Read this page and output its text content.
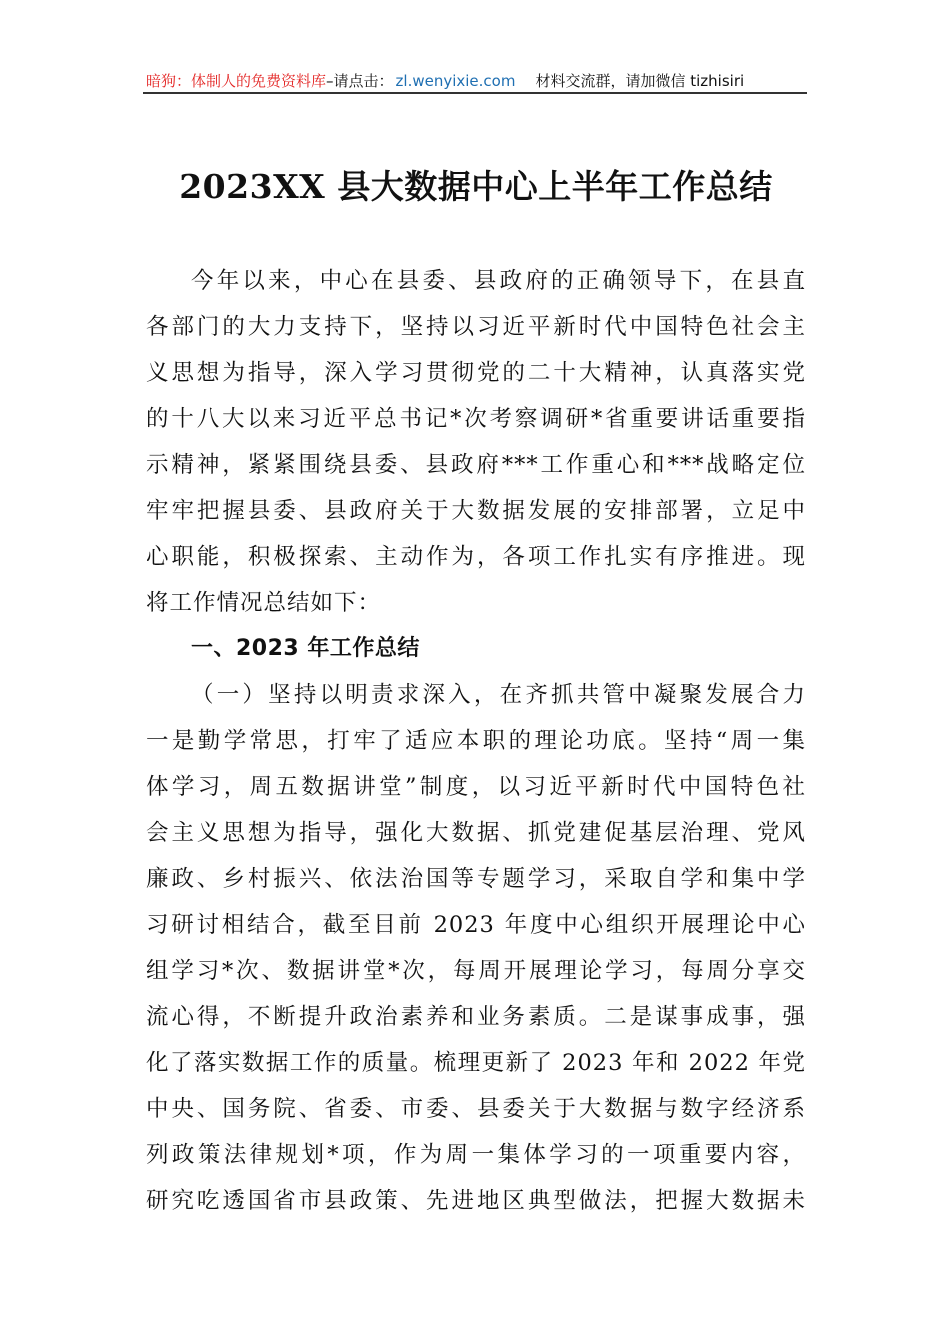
暗狗：体制人的免费资料库 –请点击： zl.wenyixie.com 材料交流群，请加微信 tizhisiri
2023XX 县大数据中心上半年工作总结
今年以来，中心在县委、县政府的正确领导下，在县直
各部门的大力支持下，坚持以习近平新时代中国特色社会主
义思想为指导，深入学习贯彻党的二十大精神，认真落实党
的十八大以来习近平总书记*次考察调研*省重要讲话重要指
示精神，紧紧围绕县委、县政府***工作重心和***战略定位
牢牢把握县委、县政府关于大数据发展的安排部署，立足中
心职能，积极探索、主动作为，各项工作扎实有序推进。现
将工作情况总结如下：
一、2023 年工作总结
（一）坚持以明责求深入，在齐抓共管中凝聚发展合力
一是勤学常思，打牢了适应本职的理论功底。坚持“周一集
体学习，周五数据讲堂”制度，以习近平新时代中国特色社
会主义思想为指导，强化大数据、抓党建促基层治理、党风
廉政、乡村振兴、依法治国等专题学习，采取自学和集中学
习研讨相结合，截至目前 2023 年度中心组织开展理论中心
组学习*次、数据讲堂*次，每周开展理论学习，每周分享交
流心得，不断提升政治素养和业务素质。二是谋事成事，强
化了落实数据工作的质量。梳理更新了 2023 年和 2022 年党
中央、国务院、省委、市委、县委关于大数据与数字经济系
列政策法律规划*项，作为周一集体学习的一项重要内容，
研究吃透国省市县政策、先进地区典型做法，把握大数据未
